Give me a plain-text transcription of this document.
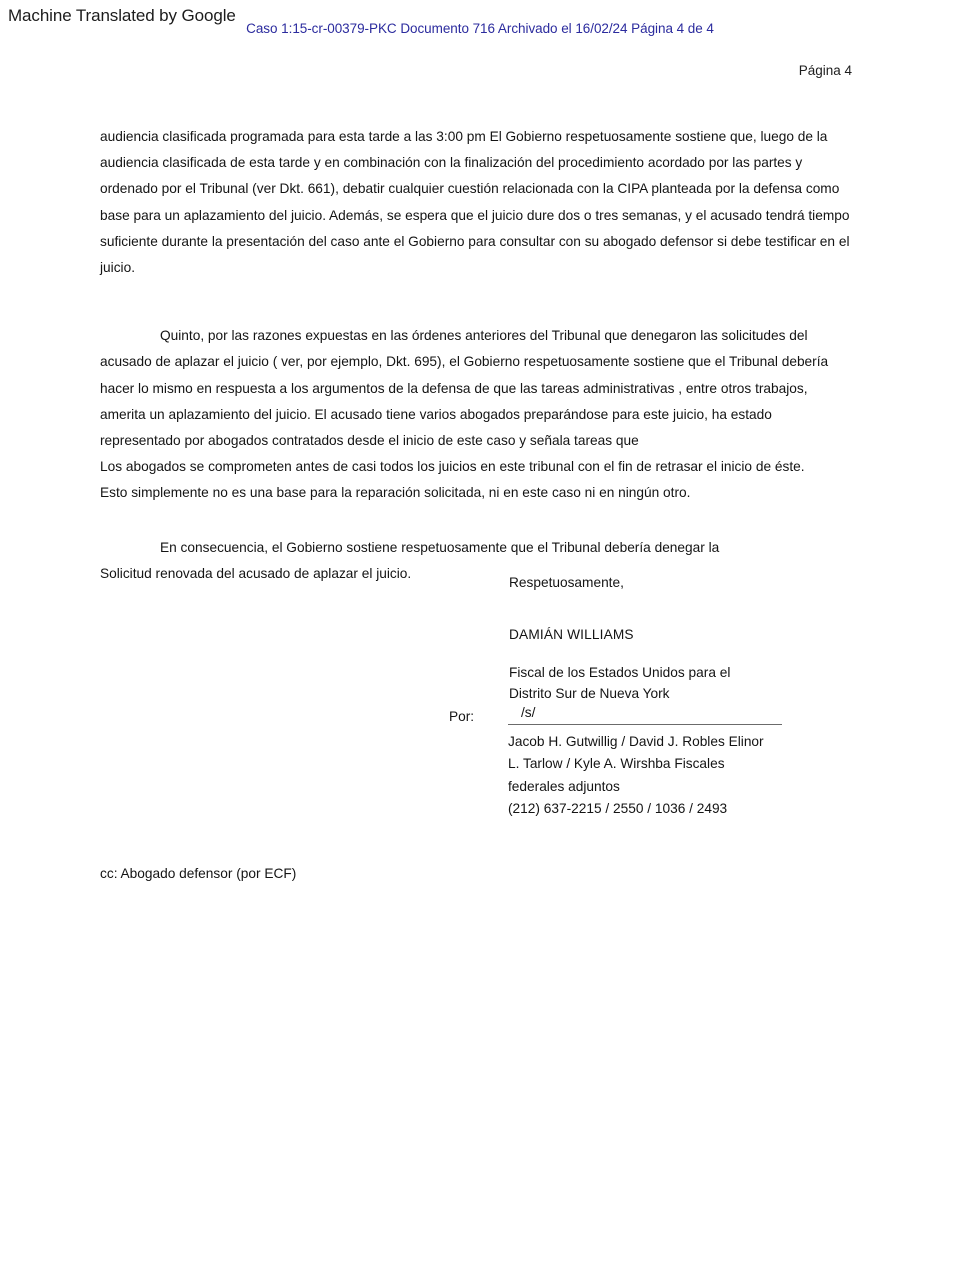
Machine Translated by Google
Caso 1:15-cr-00379-PKC Documento 716 Archivado el 16/02/24 Página 4 de 4
Página 4

audiencia clasificada programada para esta tarde a las 3:00 pm El Gobierno respetuosamente sostiene que, luego de la audiencia clasificada de esta tarde y en combinación con la finalización del procedimiento acordado por las partes y ordenado por el Tribunal (ver Dkt. 661), debatir cualquier cuestión relacionada con la CIPA planteada por la defensa como base para un aplazamiento del juicio. Además, se espera que el juicio dure dos o tres semanas, y el acusado tendrá tiempo suficiente durante la presentación del caso ante el Gobierno para consultar con su abogado defensor si debe testificar en el juicio.

Quinto, por las razones expuestas en las órdenes anteriores del Tribunal que denegaron las solicitudes del acusado de aplazar el juicio ( ver, por ejemplo, Dkt. 695), el Gobierno respetuosamente sostiene que el Tribunal debería hacer lo mismo en respuesta a los argumentos de la defensa de que las tareas administrativas , entre otros trabajos, amerita un aplazamiento del juicio. El acusado tiene varios abogados preparándose para este juicio, ha estado representado por abogados contratados desde el inicio de este caso y señala tareas que

Los abogados se comprometen antes de casi todos los juicios en este tribunal con el fin de retrasar el inicio de éste.

Esto simplemente no es una base para la reparación solicitada, ni en este caso ni en ningún otro.

En consecuencia, el Gobierno sostiene respetuosamente que el Tribunal debería denegar la

Solicitud renovada del acusado de aplazar el juicio.

Respetuosamente,
DAMIÁN WILLIAMS
Fiscal de los Estados Unidos para el
Distrito Sur de Nueva York
Por:	/s/
Jacob H. Gutwillig / David J. Robles Elinor
L. Tarlow / Kyle A. Wirshba Fiscales
federales adjuntos
(212) 637-2215 / 2550 / 1036 / 2493
cc: Abogado defensor (por ECF)
